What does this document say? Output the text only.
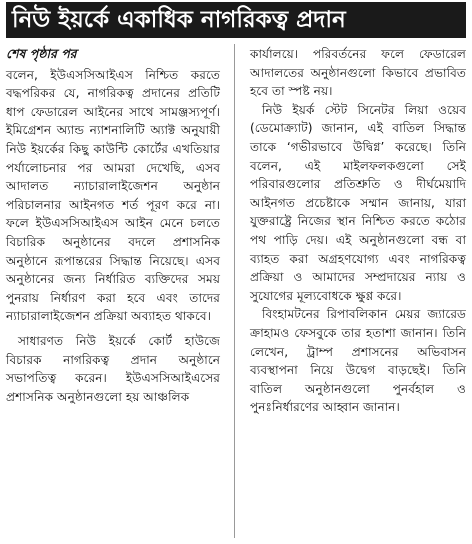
নিউ ইয়র্কে একাধিক নাগরিকত্ব প্রদান
শেষ পৃষ্ঠার পর

বলেন, ইউএসসিআইএস নিশ্চিত করতে বদ্ধপরিকর যে, নাগরিকত্ব প্রদানের প্রতিটি ধাপ ফেডারেল আইনের সাথে সামঞ্জস্যপূর্ণ। ইমিগ্রেশন অ্যান্ড ন্যাশনালিটি অ্যাক্ট অনুযায়ী নিউ ইয়র্কের কিছু কাউন্টি কোর্টের এখতিয়ার পর্যালোচনার পর আমরা দেখেছি, এসব আদালত ন্যাচারালাইজেশন অনুষ্ঠান পরিচালনার আইনগত শর্ত পূরণ করে না। ফলে ইউএসসিআইএস আইন মেনে চলতে বিচারিক অনুষ্ঠানের বদলে প্রশাসনিক অনুষ্ঠানে রূপান্তরের সিদ্ধান্ত নিয়েছে। এসব অনুষ্ঠানের জন্য নির্ধারিত ব্যক্তিদের সময় পুনরায় নির্ধারণ করা হবে এবং তাদের ন্যাচারালাইজেশন প্রক্রিয়া অব্যাহত থাকবে।

সাধারণত নিউ ইয়র্কে কোর্ট হাউজে বিচারক নাগরিকত্ব প্রদান অনুষ্ঠানে সভাপতিত্ব করেন। ইউএসসিআইএসের প্রশাসনিক অনুষ্ঠানগুলো হয় আঞ্চলিক

কার্যালয়ে। পরিবর্তনের ফলে ফেডারেল আদালতের অনুষ্ঠানগুলো কিভাবে প্রভাবিত হবে তা স্পষ্ট নয়।

নিউ ইয়র্ক স্টেট সিনেটর লিয়া ওয়েব (ডেমোক্র্যাট) জানান, এই বাতিল সিদ্ধান্ত তাকে ‘গভীরভাবে উদ্বিগ্ন’ করেছে। তিনি বলেন, এই মাইলফলকগুলো সেই পরিবারগুলোর প্রতিশ্রুতি ও দীর্ঘমেয়াদি আইনগত প্রচেষ্টাকে সম্মান জানায়, যারা যুক্তরাষ্ট্রে নিজের স্থান নিশ্চিত করতে কঠোর পথ পাড়ি দেয়। এই অনুষ্ঠানগুলো বন্ধ বা ব্যাহত করা অগ্রহণযোগ্য এবং নাগরিকত্ব প্রক্রিয়া ও আমাদের সম্প্রদায়ের ন্যায় ও সুযোগের মূল্যবোধকে ক্ষুণ্ণ করে।

বিংহামটনের রিপাবলিকান মেয়র জ্যারেড ক্রাহামও ফেসবুকে তার হতাশা জানান। তিনি লেখেন, ট্রাম্প প্রশাসনের অভিবাসন ব্যবস্থাপনা নিয়ে উদ্বেগ বাড়ছেই। তিনি বাতিল অনুষ্ঠানগুলো পুনর্বহাল ও পুনঃনির্ধারণের আহ্বান জানান।
